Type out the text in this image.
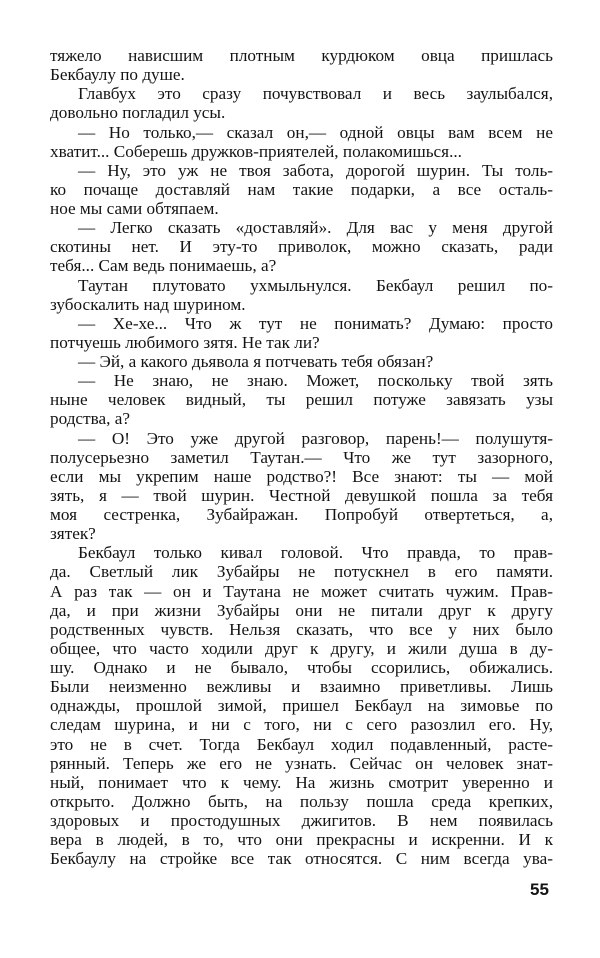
тяжело нависшим плотным курдюком овца пришлась
Бекбаулу по душе.
Главбух это сразу почувствовал и весь заулыбался,
довольно погладил усы.
— Но только,— сказал он,— одной овцы вам всем не
хватит... Соберешь дружков-приятелей, полакомишься...
— Ну, это уж не твоя забота, дорогой шурин. Ты толь-
ко почаще доставляй нам такие подарки, а все осталь-
ное мы сами обтяпаем.
— Легко сказать «доставляй». Для вас у меня другой
скотины нет. И эту-то приволок, можно сказать, ради
тебя... Сам ведь понимаешь, а?
Таутан плутовато ухмыльнулся. Бекбаул решил по-
зубоскалить над шурином.
— Хе-хе... Что ж тут не понимать? Думаю: просто
потчуешь любимого зятя. Не так ли?
— Эй, а какого дьявола я потчевать тебя обязан?
— Не знаю, не знаю. Может, поскольку твой зять
ныне человек видный, ты решил потуже завязать узы
родства, а?
— О! Это уже другой разговор, парень!— полушутя-
полусерьезно заметил Таутан.— Что же тут зазорного,
если мы укрепим наше родство?! Все знают: ты — мой
зять, я — твой шурин. Честной девушкой пошла за тебя
моя сестренка, Зубайражан. Попробуй отвертеться, а,
зятек?
Бекбаул только кивал головой. Что правда, то прав-
да. Светлый лик Зубайры не потускнел в его памяти.
А раз так — он и Таутана не может считать чужим. Прав-
да, и при жизни Зубайры они не питали друг к другу
родственных чувств. Нельзя сказать, что все у них было
общее, что часто ходили друг к другу, и жили душа в ду-
шу. Однако и не бывало, чтобы ссорились, обижались.
Были неизменно вежливы и взаимно приветливы. Лишь
однажды, прошлой зимой, пришел Бекбаул на зимовье по
следам шурина, и ни с того, ни с сего разозлил его. Ну,
это не в счет. Тогда Бекбаул ходил подавленный, расте-
рянный. Теперь же его не узнать. Сейчас он человек знат-
ный, понимает что к чему. На жизнь смотрит уверенно и
открыто. Должно быть, на пользу пошла среда крепких,
здоровых и простодушных джигитов. В нем появилась
вера в людей, в то, что они прекрасны и искренни. И к
Бекбаулу на стройке все так относятся. С ним всегда ува-
55
